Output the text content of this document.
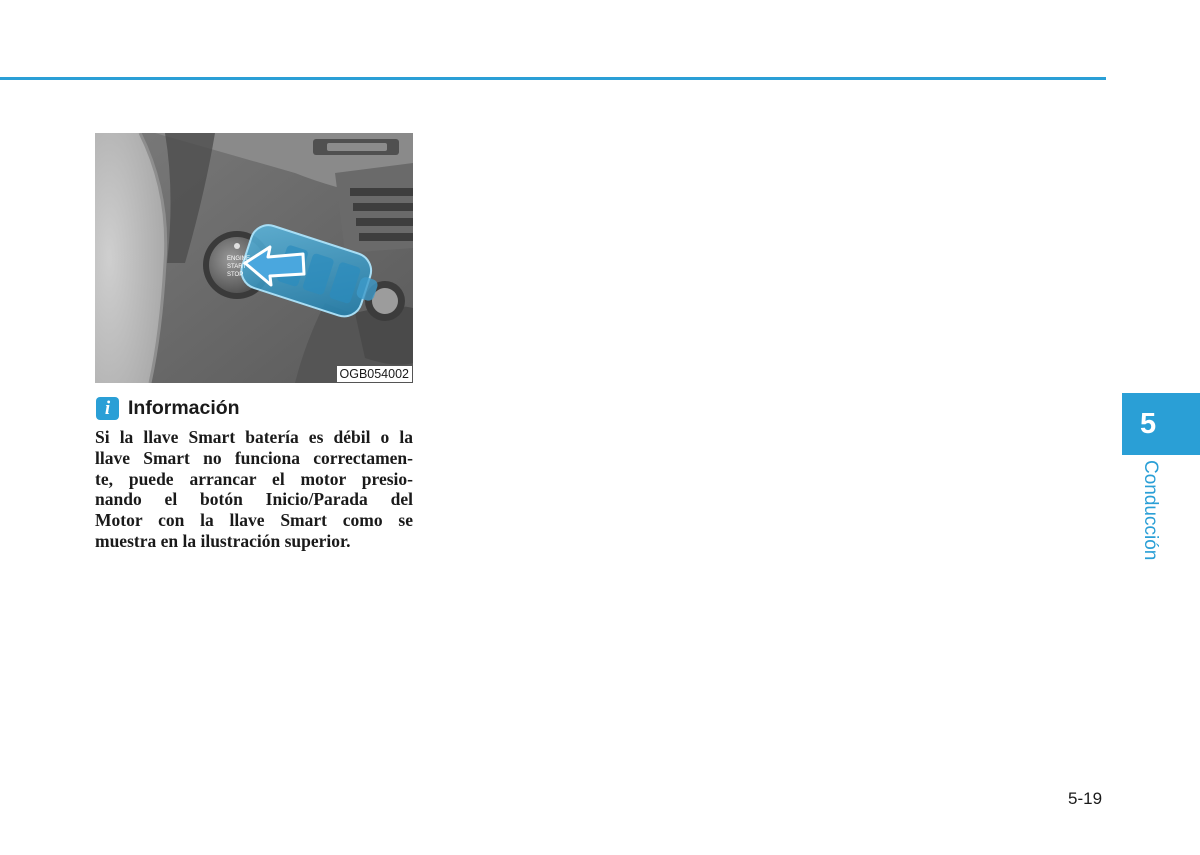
ENGINE
START
STOP
OGB054002
i Información
Si la llave Smart batería es débil o la
llave Smart no funciona correctamen-
te, puede arrancar el motor presio-
nando el botón Inicio/Parada del
Motor con la llave Smart como se
muestra en la ilustración superior.
5
Conducción
5-19
